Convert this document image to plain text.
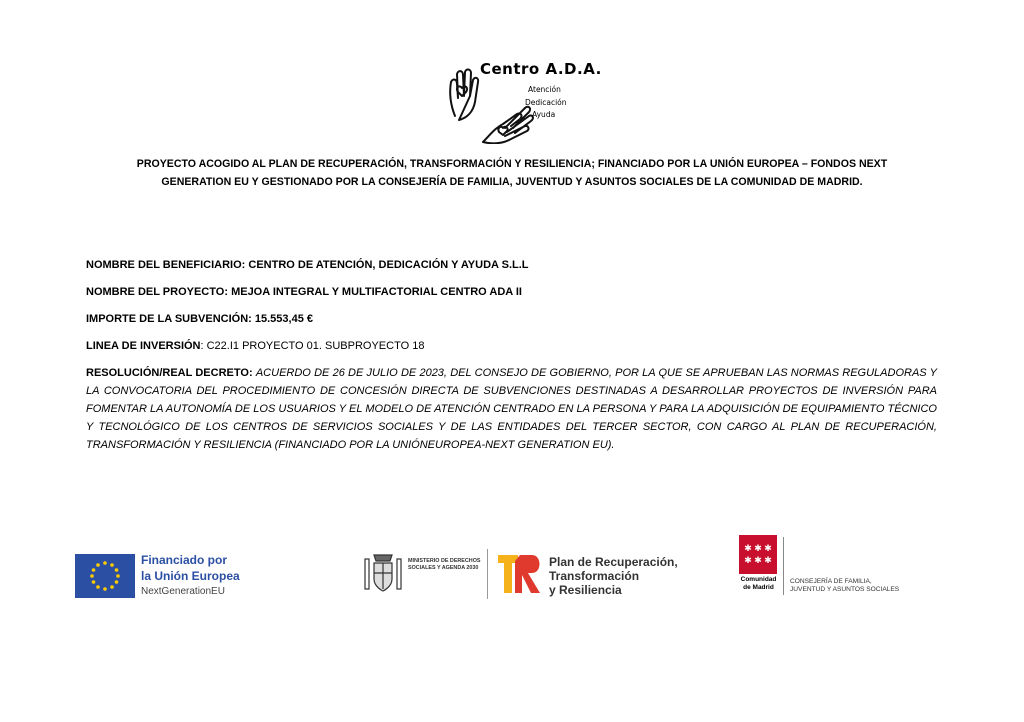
Centro A.D.A.
Atención
Dedicación
Ayuda
PROYECTO ACOGIDO AL PLAN DE RECUPERACIÓN, TRANSFORMACIÓN Y RESILIENCIA; FINANCIADO POR LA UNIÓN EUROPEA – FONDOS NEXT
GENERATION EU Y GESTIONADO POR LA CONSEJERÍA DE FAMILIA, JUVENTUD Y ASUNTOS SOCIALES DE LA COMUNIDAD DE MADRID.
NOMBRE DEL BENEFICIARIO: CENTRO DE ATENCIÓN, DEDICACIÓN Y AYUDA S.L.L
NOMBRE DEL PROYECTO: MEJOA INTEGRAL Y MULTIFACTORIAL CENTRO ADA II
IMPORTE DE LA SUBVENCIÓN: 15.553,45 €
LINEA DE INVERSIÓN: C22.I1 PROYECTO 01. SUBPROYECTO 18
RESOLUCIÓN/REAL DECRETO: ACUERDO DE 26 DE JULIO DE 2023, DEL CONSEJO DE GOBIERNO, POR LA QUE SE APRUEBAN LAS NORMAS REGULADORAS Y LA CONVOCATORIA DEL PROCEDIMIENTO DE CONCESIÓN DIRECTA DE SUBVENCIONES DESTINADAS A DESARROLLAR PROYECTOS DE INVERSIÓN PARA FOMENTAR LA AUTONOMÍA DE LOS USUARIOS Y EL MODELO DE ATENCIÓN CENTRADO EN LA PERSONA Y PARA LA ADQUISICIÓN DE EQUIPAMIENTO TÉCNICO Y TECNOLÓGICO DE LOS CENTROS DE SERVICIOS SOCIALES Y DE LAS ENTIDADES DEL TERCER SECTOR, CON CARGO AL PLAN DE RECUPERACIÓN, TRANSFORMACIÓN Y RESILIENCIA (FINANCIADO POR LA UNIÓNEUROPEA-NEXT GENERATION EU).
Financiado por
la Unión Europea
NextGenerationEU
MINISTERIO DE DERECHOS SOCIALES Y AGENDA 2030	Plan de Recuperación,
Transformación
y Resiliencia
✱ ✱ ✱
✱ ✱ ✱
Comunidad
de Madrid
CONSEJERÍA DE FAMILIA,
JUVENTUD Y ASUNTOS SOCIALES
